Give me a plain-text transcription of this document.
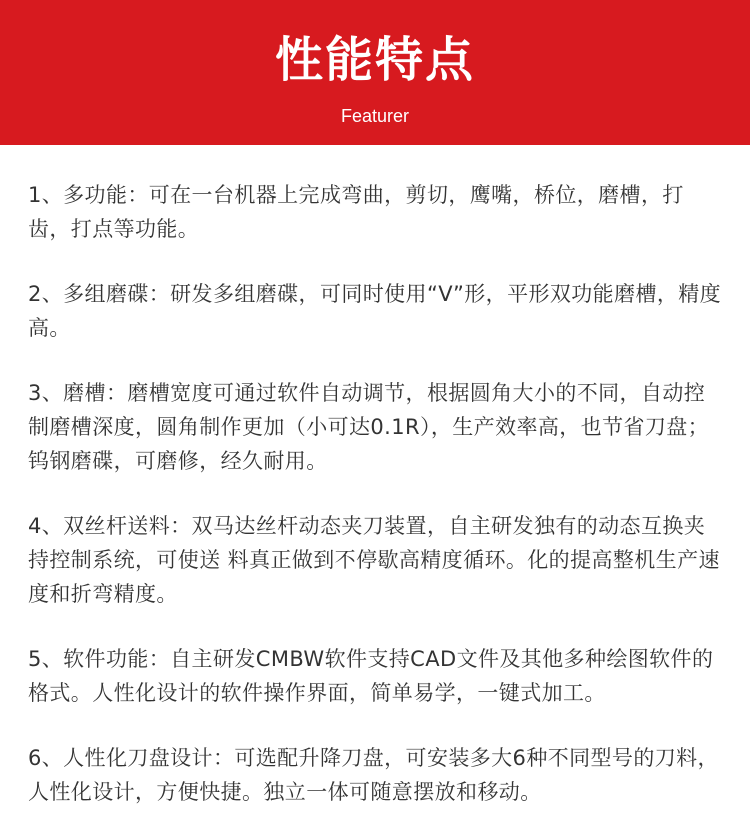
性能特点
Featurer

1、多功能：可在一台机器上完成弯曲，剪切，鹰嘴，桥位，磨槽，打齿，打点等功能。

2、多组磨碟：研发多组磨碟，可同时使用“V”形，平形双功能磨槽，精度高。

3、磨槽：磨槽宽度可通过软件自动调节，根据圆角大小的不同，自动控制磨槽深度，圆角制作更加（小可达0.1R），生产效率高，也节省刀盘；钨钢磨碟，可磨修，经久耐用。

4、双丝杆送料：双马达丝杆动态夹刀装置，自主研发独有的动态互换夹持控制系统，可使送 料真正做到不停歇高精度循环。化的提高整机生产速度和折弯精度。

5、软件功能：自主研发CMBW软件支持CAD文件及其他多种绘图软件的格式。人性化设计的软件操作界面，简单易学，一键式加工。

6、人性化刀盘设计：可选配升降刀盘，可安装多大6种不同型号的刀料，人性化设计，方便快捷。独立一体可随意摆放和移动。
